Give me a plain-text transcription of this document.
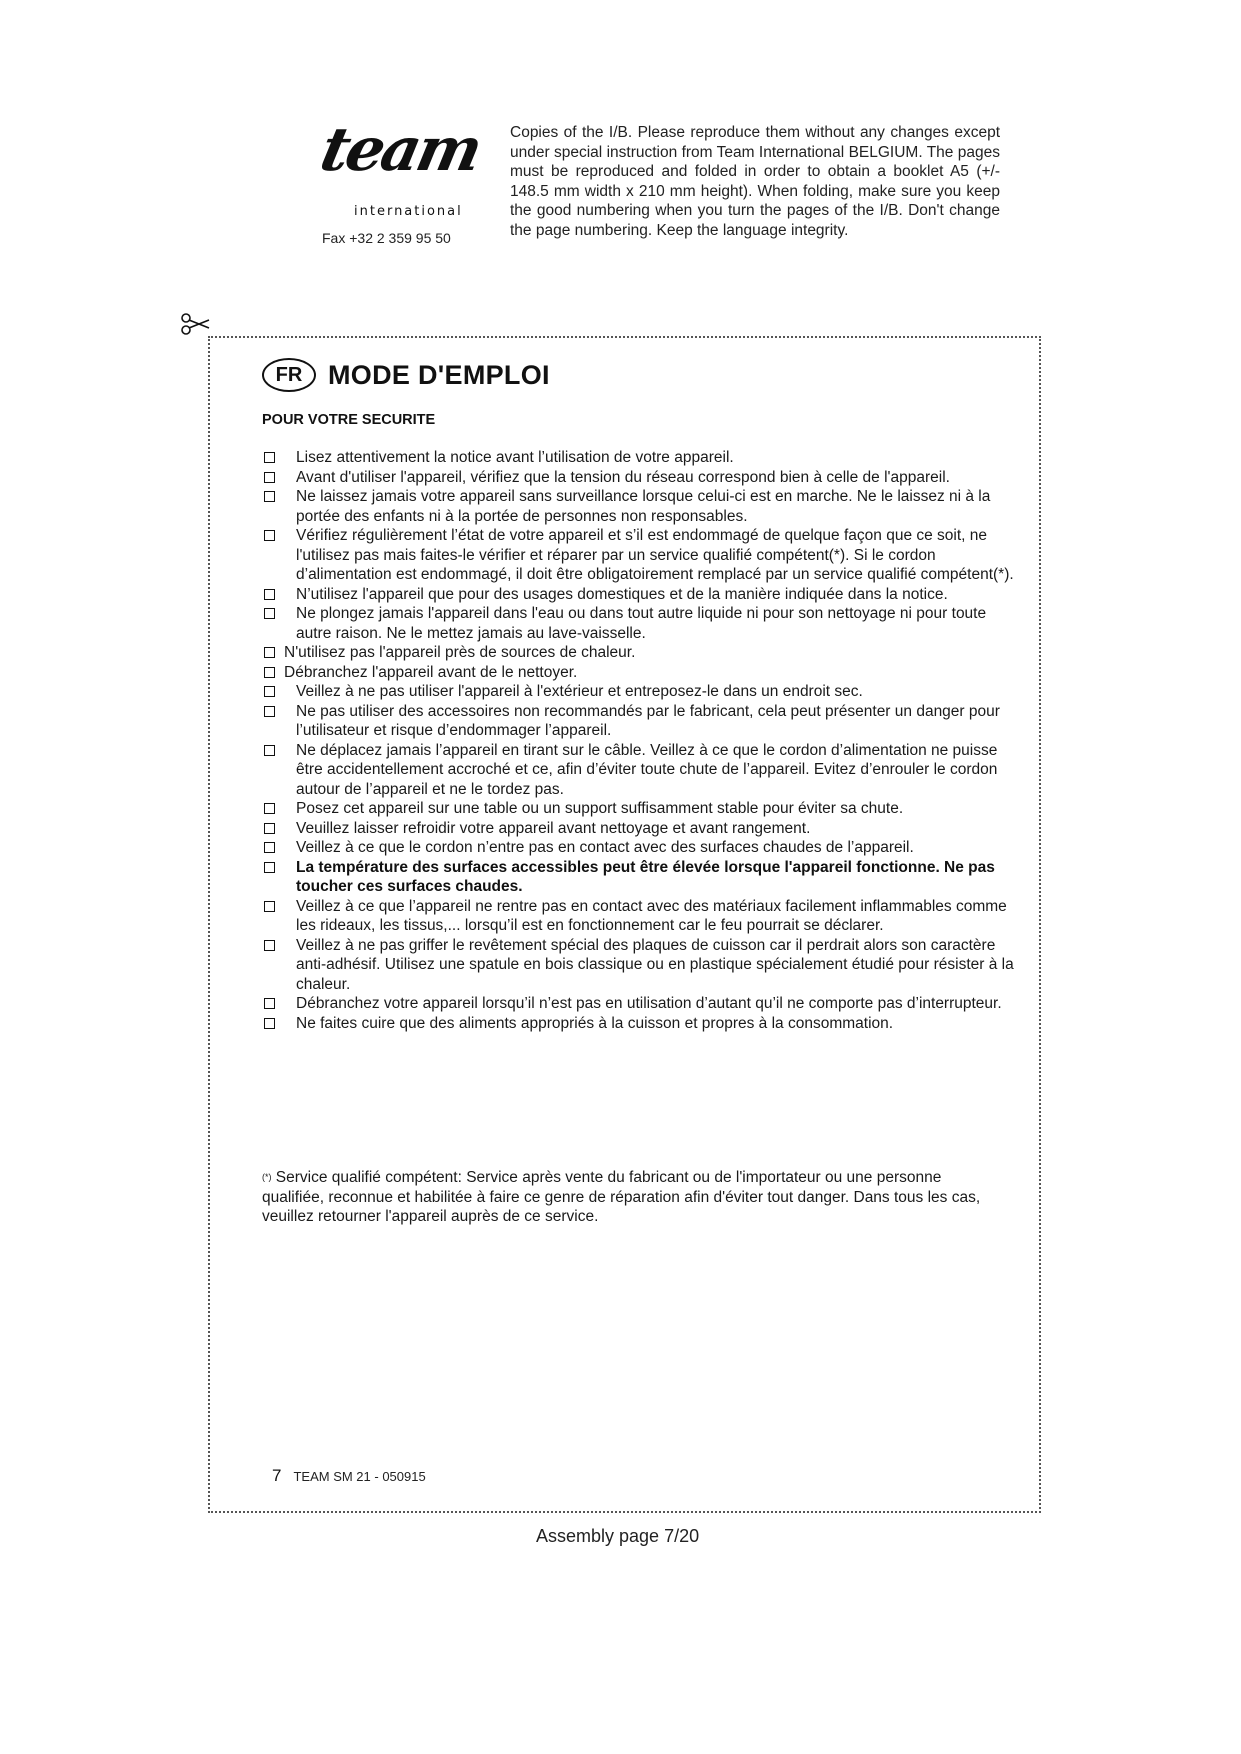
team
international
Fax +32 2 359 95 50
Copies of the I/B. Please reproduce them without any changes except under special instruction from Team International BELGIUM. The pages must be reproduced and folded in order to obtain a booklet A5 (+/- 148.5 mm width x 210 mm height). When folding, make sure you keep the good numbering when you turn the pages of the I/B. Don't change the page numbering. Keep the language integrity.
FR MODE D'EMPLOI
POUR VOTRE SECURITE
Lisez attentivement la notice avant l’utilisation de votre appareil.
Avant d'utiliser l'appareil, vérifiez que la tension du réseau correspond bien à celle de l'appareil.
Ne laissez jamais votre appareil sans surveillance lorsque celui-ci est en marche. Ne le laissez ni à la portée des enfants ni à la portée de personnes non responsables.
Vérifiez régulièrement l’état de votre appareil et s’il est endommagé de quelque façon que ce soit, ne l'utilisez pas mais faites-le vérifier et réparer par un service qualifié compétent(*). Si le cordon d’alimentation est endommagé, il doit être obligatoirement remplacé par un service qualifié compétent(*).
N’utilisez l'appareil que pour des usages domestiques et de la manière indiquée dans la notice.
Ne plongez jamais l'appareil dans l'eau ou dans tout autre liquide ni pour son nettoyage ni pour toute autre raison. Ne le mettez jamais au lave-vaisselle.
N'utilisez pas l'appareil près de sources de chaleur.
Débranchez l'appareil avant de le nettoyer.
Veillez à ne pas utiliser l'appareil à l'extérieur et entreposez-le dans un endroit sec.
Ne pas utiliser des accessoires non recommandés par le fabricant, cela peut présenter un danger pour l’utilisateur et risque d’endommager l’appareil.
Ne déplacez jamais l’appareil en tirant sur le câble. Veillez à ce que le cordon d’alimentation ne puisse être accidentellement accroché et ce, afin d’éviter toute chute de l’appareil. Evitez d’enrouler le cordon autour de l’appareil et ne le tordez pas.
Posez cet appareil sur une table ou un support suffisamment stable pour éviter sa chute.
Veuillez laisser refroidir votre appareil avant nettoyage et avant rangement.
Veillez à ce que le cordon n’entre pas en contact avec des surfaces chaudes de l’appareil.
La température des surfaces accessibles peut être élevée lorsque l'appareil fonctionne. Ne pas toucher ces surfaces chaudes.
Veillez à ce que l’appareil ne rentre pas en contact avec des matériaux facilement inflammables comme les rideaux, les tissus,... lorsqu’il est en fonctionnement car le feu pourrait se déclarer.
Veillez à ne pas griffer le revêtement spécial des plaques de cuisson car il perdrait alors son caractère anti-adhésif. Utilisez une spatule en bois classique ou en plastique spécialement étudié pour résister à la chaleur.
Débranchez votre appareil lorsqu’il n’est pas en utilisation d’autant qu’il ne comporte pas d’interrupteur.
Ne faites cuire que des aliments appropriés à la cuisson et propres à la consommation.
(*) Service qualifié compétent: Service après vente du fabricant ou de l'importateur ou une personne qualifiée, reconnue et habilitée à faire ce genre de réparation afin d'éviter tout danger. Dans tous les cas, veuillez retourner l'appareil auprès de ce service.
7 TEAM SM 21 - 050915
Assembly page 7/20
